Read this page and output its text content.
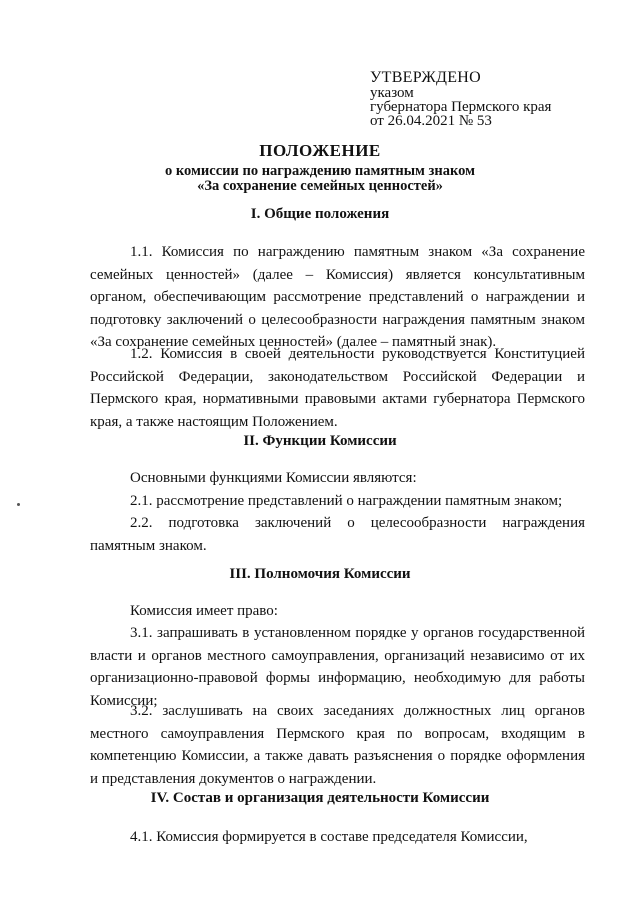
УТВЕРЖДЕНО
указом
губернатора Пермского края
от 26.04.2021 № 53
ПОЛОЖЕНИЕ
о комиссии по награждению памятным знаком
«За сохранение семейных ценностей»
I. Общие положения
1.1. Комиссия по награждению памятным знаком «За сохранение семейных ценностей» (далее – Комиссия) является консультативным органом, обеспечивающим рассмотрение представлений о награждении и подготовку заключений о целесообразности награждения памятным знаком «За сохранение семейных ценностей» (далее – памятный знак).
1.2. Комиссия в своей деятельности руководствуется Конституцией Российской Федерации, законодательством Российской Федерации и Пермского края, нормативными правовыми актами губернатора Пермского края, а также настоящим Положением.
II. Функции Комиссии
Основными функциями Комиссии являются:
2.1. рассмотрение представлений о награждении памятным знаком;
2.2. подготовка заключений о целесообразности награждения памятным знаком.
III. Полномочия Комиссии
Комиссия имеет право:
3.1. запрашивать в установленном порядке у органов государственной власти и органов местного самоуправления, организаций независимо от их организационно-правовой формы информацию, необходимую для работы Комиссии;
3.2. заслушивать на своих заседаниях должностных лиц органов местного самоуправления Пермского края по вопросам, входящим в компетенцию Комиссии, а также давать разъяснения о порядке оформления и представления документов о награждении.
IV. Состав и организация деятельности Комиссии
4.1. Комиссия формируется в составе председателя Комиссии,
